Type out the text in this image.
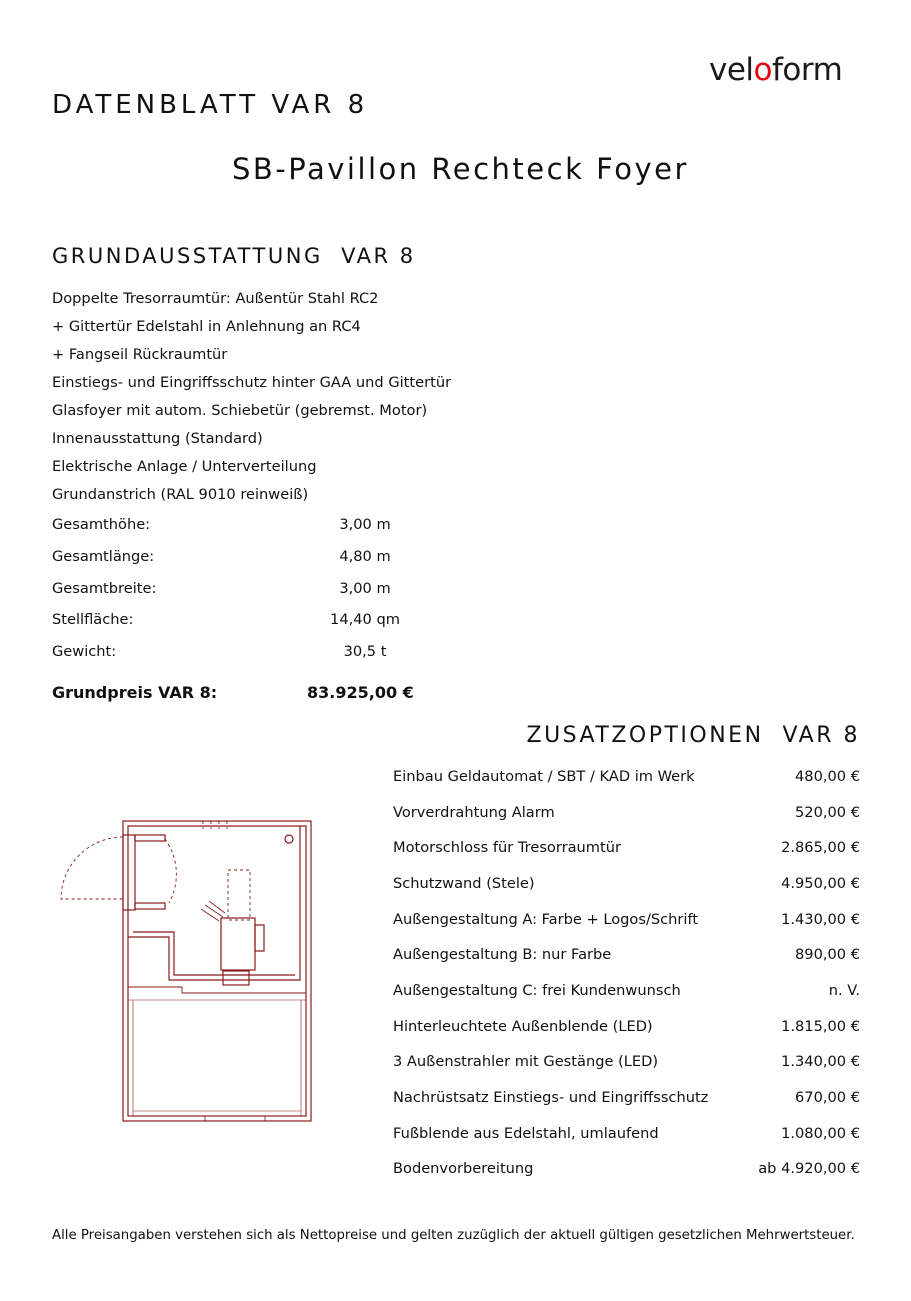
veloform
DATENBLATT VAR 8
SB-Pavillon Rechteck Foyer
GRUNDAUSSTATTUNG  VAR 8
Doppelte Tresorraumtür: Außentür Stahl RC2
+ Gittertür Edelstahl in Anlehnung an RC4
+ Fangseil Rückraumtür
Einstiegs- und Eingriffsschutz hinter GAA und Gittertür
Glasfoyer mit autom. Schiebetür (gebremst. Motor)
Innenausstattung (Standard)
Elektrische Anlage / Unterverteilung
Grundanstrich (RAL 9010 reinweiß)
Gesamthöhe:	3,00 m
Gesamtlänge:	4,80 m
Gesamtbreite:	3,00 m
Stellfläche:	14,40 qm
Gewicht:	30,5 t
Grundpreis VAR 8:	83.925,00 €
ZUSATZOPTIONEN  VAR 8
Einbau Geldautomat / SBT / KAD im Werk	480,00 €
Vorverdrahtung Alarm	520,00 €
Motorschloss für Tresorraumtür	2.865,00 €
Schutzwand (Stele)	4.950,00 €
Außengestaltung A: Farbe + Logos/Schrift	1.430,00 €
Außengestaltung B: nur Farbe	890,00 €
Außengestaltung C: frei Kundenwunsch	n. V.
Hinterleuchtete Außenblende (LED)	1.815,00 €
3 Außenstrahler mit Gestänge (LED)	1.340,00 €
Nachrüstsatz Einstiegs- und Eingriffsschutz	670,00 €
Fußblende aus Edelstahl, umlaufend	1.080,00 €
Bodenvorbereitung	ab 4.920,00 €
Alle Preisangaben verstehen sich als Nettopreise und gelten zuzüglich der aktuell gültigen gesetzlichen Mehrwertsteuer.
